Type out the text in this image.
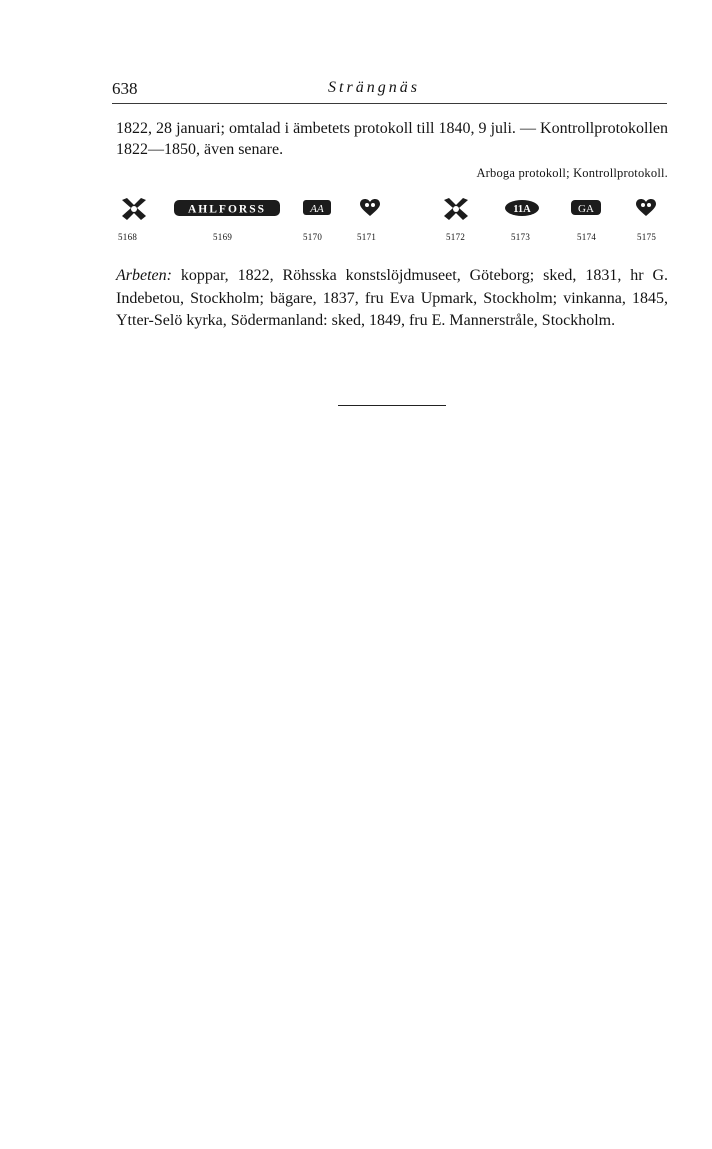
638	Strängnäs
1822, 28 januari; omtalad i ämbetets protokoll till 1840, 9 juli. — Kontrollprotokollen 1822—1850, även senare.
Arboga protokoll; Kontrollprotokoll.
AHLFORSS	AA	11A	GA
5168	5169	5170	5171	5172	5173	5174	5175
Arbeten: koppar, 1822, Röhsska konstslöjdmuseet, Göteborg; sked, 1831, hr G. Indebetou, Stockholm; bägare, 1837, fru Eva Upmark, Stockholm; vinkanna, 1845, Ytter-Selö kyrka, Södermanland: sked, 1849, fru E. Mannerstråle, Stockholm.
